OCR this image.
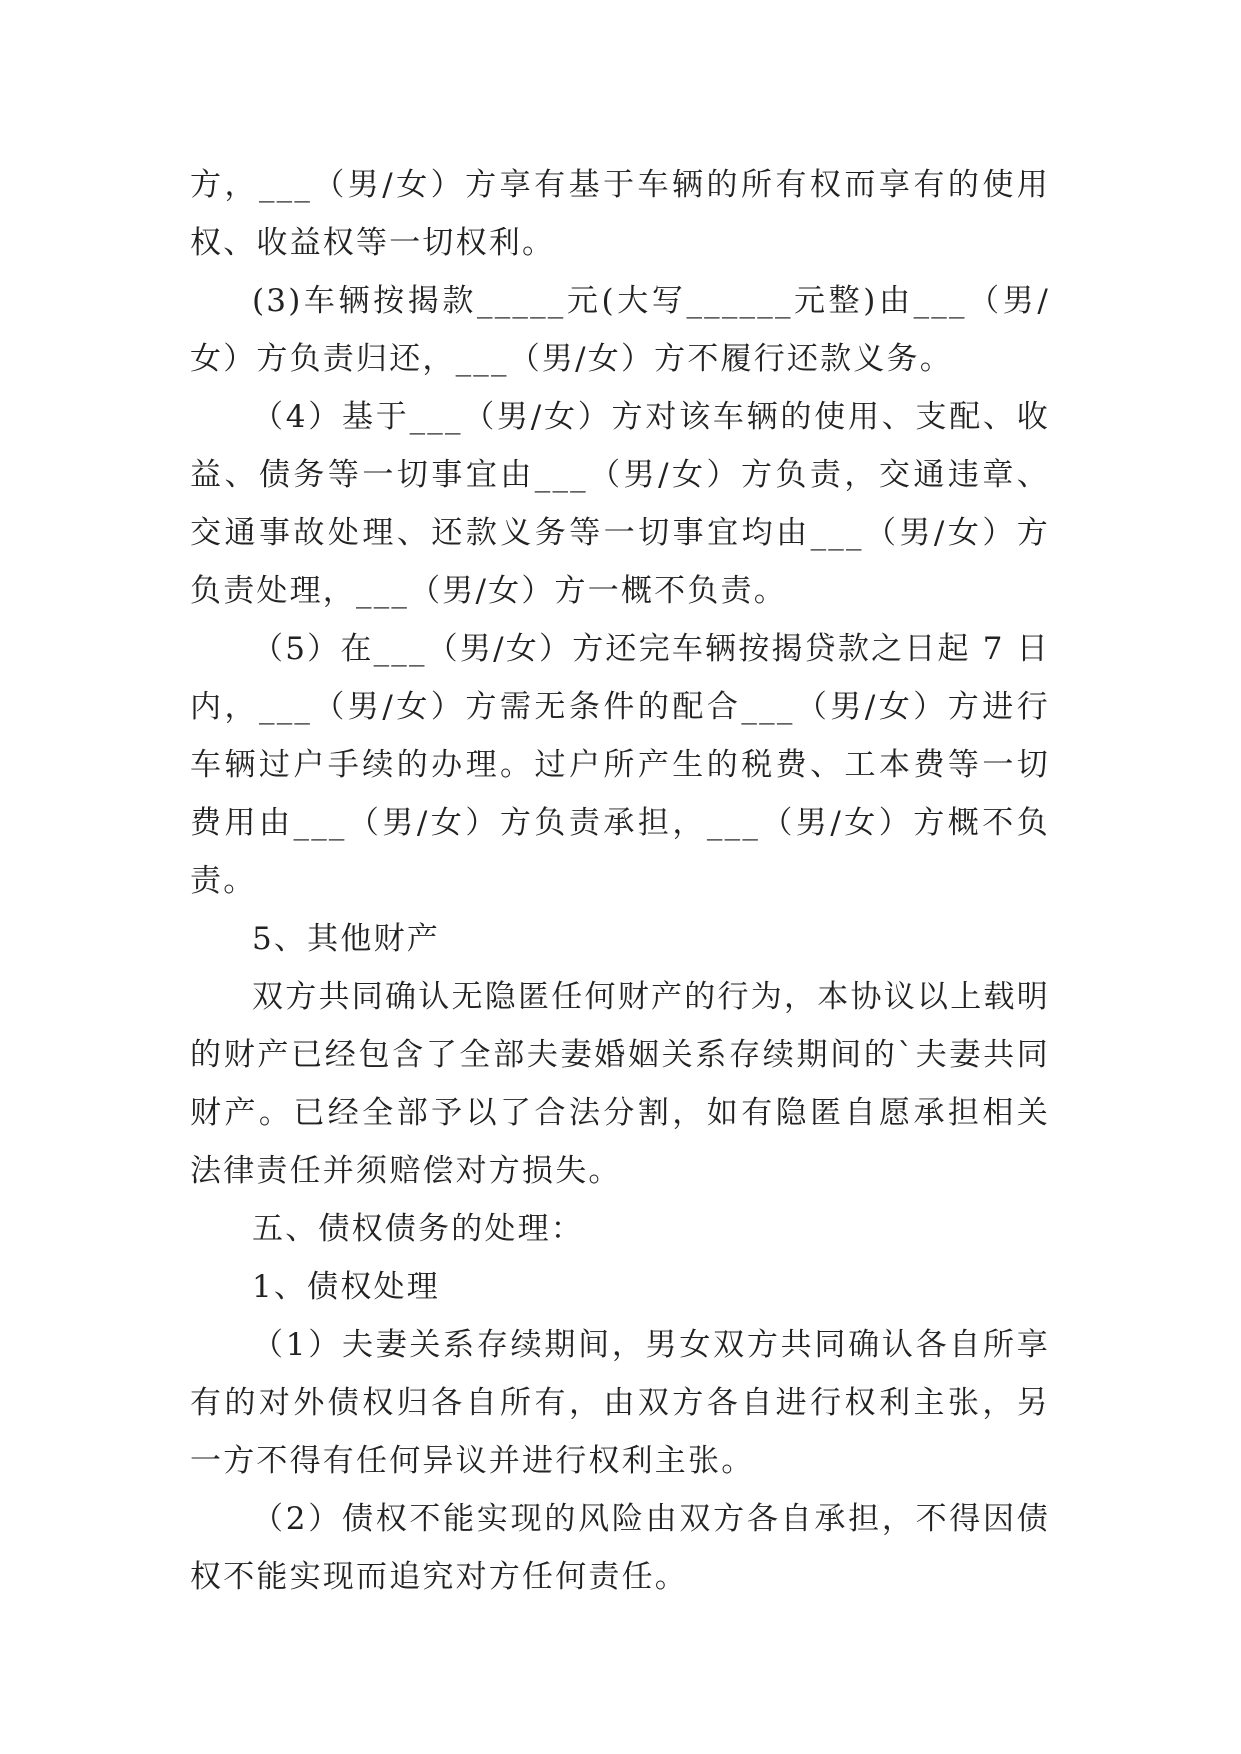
方，___（男/女）方享有基于车辆的所有权而享有的使用权、收益权等一切权利。

(3)车辆按揭款_____元(大写______元整)由___（男/女）方负责归还，___（男/女）方不履行还款义务。

（4）基于___（男/女）方对该车辆的使用、支配、收益、债务等一切事宜由___（男/女）方负责，交通违章、交通事故处理、还款义务等一切事宜均由___（男/女）方负责处理，___（男/女）方一概不负责。

（5）在___（男/女）方还完车辆按揭贷款之日起 7 日内，___（男/女）方需无条件的配合___（男/女）方进行车辆过户手续的办理。过户所产生的税费、工本费等一切费用由___（男/女）方负责承担，___（男/女）方概不负责。

5、其他财产

双方共同确认无隐匿任何财产的行为，本协议以上载明的财产已经包含了全部夫妻婚姻关系存续期间的`夫妻共同财产。已经全部予以了合法分割，如有隐匿自愿承担相关法律责任并须赔偿对方损失。

五、债权债务的处理：

1、债权处理

（1）夫妻关系存续期间，男女双方共同确认各自所享有的对外债权归各自所有，由双方各自进行权利主张，另一方不得有任何异议并进行权利主张。

（2）债权不能实现的风险由双方各自承担，不得因债权不能实现而追究对方任何责任。
